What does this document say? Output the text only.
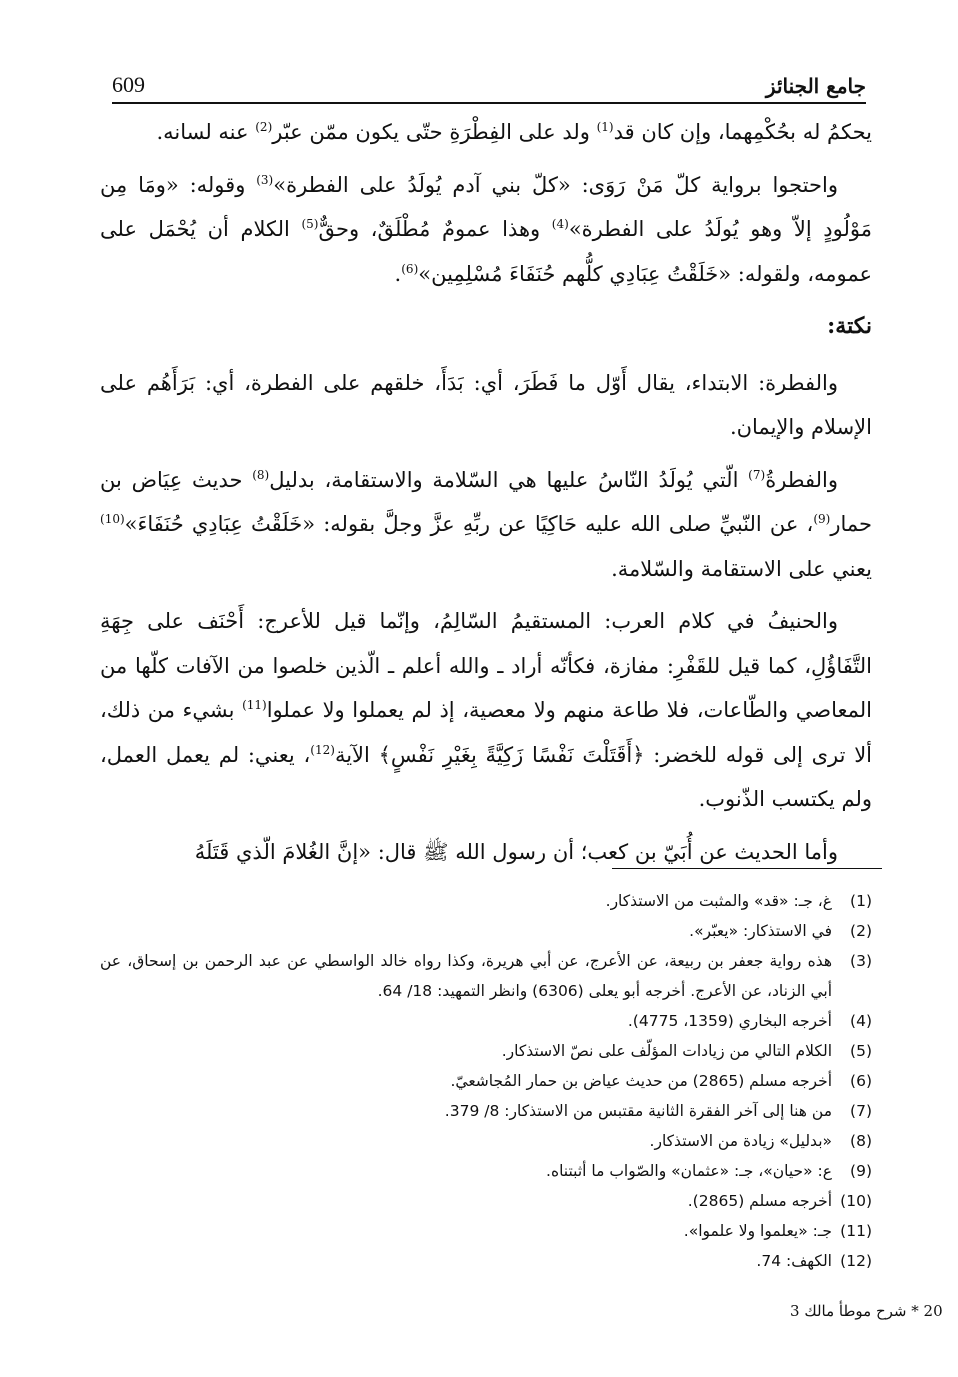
جامع الجنائز
609

يحكمُ له بحُكْمِهما، وإن كان قد$^{(1)}$ ولد على الفِطْرَةِ حتّى يكون ممّن عبّر$^{(2)}$ عنه لسانه.

واحتجوا برواية كلّ مَنْ رَوَى: «كلّ بني آدم يُولَدُ على الفطرة»$^{(3)}$ وقوله: «ومَا مِن مَوْلُودٍ إلاّ وهو يُولَدُ على الفطرة»$^{(4)}$ وهذا عمومٌ مُطْلَقٌ، وحقٌّ$^{(5)}$ الكلام أن يُحْمَل على عمومه، ولقوله: «خَلَقْتُ عِبَادِي كلُّهم حُنَفَاءَ مُسْلِمِين»$^{(6)}$.

نكتة:

والفطرة: الابتداء، يقال أَوّل ما فَطَرَ، أي: بَدَأَ، خلقهم على الفطرة، أي: بَرَأَهُم على الإسلام والإيمان.

والفطرةُ$^{(7)}$ الّتي يُولَدُ النّاسُ عليها هي السّلامة والاستقامة، بدليل$^{(8)}$ حديث عِيَاض بن حمار$^{(9)}$، عن النّبيِّ صلى الله عليه حَاكِيًا عن ربِّهِ عزَّ وجلَّ بقوله: «خَلَقْتُ عِبَادِي حُنَفَاءَ»$^{(10)}$ يعني على الاستقامة والسّلامة.

والحنيفُ في كلام العرب: المستقيمُ السّالِمُ، وإنّما قيل للأعرج: أَحْنَف على جِهَةِ التَّفَاؤُلِ، كما قيل للقَفْرِ: مفازة، فكأنّه أراد ـ والله أعلم ـ الّذين خلصوا من الآفات كلّها من المعاصي والطّاعات، فلا طاعة منهم ولا معصية، إذ لم يعملوا ولا عملوا$^{(11)}$ بشيء من ذلك، ألا ترى إلى قوله للخضر: ﴿أَقَتَلْتَ نَفْسًا زَكِيَّةً بِغَيْرِ نَفْسٍ﴾ الآية$^{(12)}$، يعني: لم يعمل العمل، ولم يكتسب الذّنوب.

وأما الحديث عن أُبَيّ بن كعب؛ أن رسول الله ﷺ قال: «إنَّ الغُلامَ الّذي قَتَلَهُ

(1)
غ، جـ: «قد» والمثبت من الاستذكار.
(2)
في الاستذكار: «يعبّر».
(3)
هذه رواية جعفر بن ربيعة، عن الأعرج، عن أبي هريرة، وكذا رواه خالد الواسطي عن عبد الرحمن بن إسحاق، عن أبي الزناد، عن الأعرج. أخرجه أبو يعلى (6306) وانظر التمهيد: 18/ 64.
(4)
أخرجه البخاري (1359، 4775).
(5)
الكلام التالي من زيادات المؤلّف على نصّ الاستذكار.
(6)
أخرجه مسلم (2865) من حديث عياض بن حمار المُجاشعيّ.
(7)
من هنا إلى آخر الفقرة الثانية مقتبس من الاستذكار: 8/ 379.
(8)
«بدليل» زيادة من الاستذكار.
(9)
ع: «حيان»، جـ: «عثمان» والصّواب ما أثبتناه.
(10)
أخرجه مسلم (2865).
(11)
جـ: «يعلموا ولا علموا».
(12)
الكهف: 74.
20 * شرح موطأ مالك 3
